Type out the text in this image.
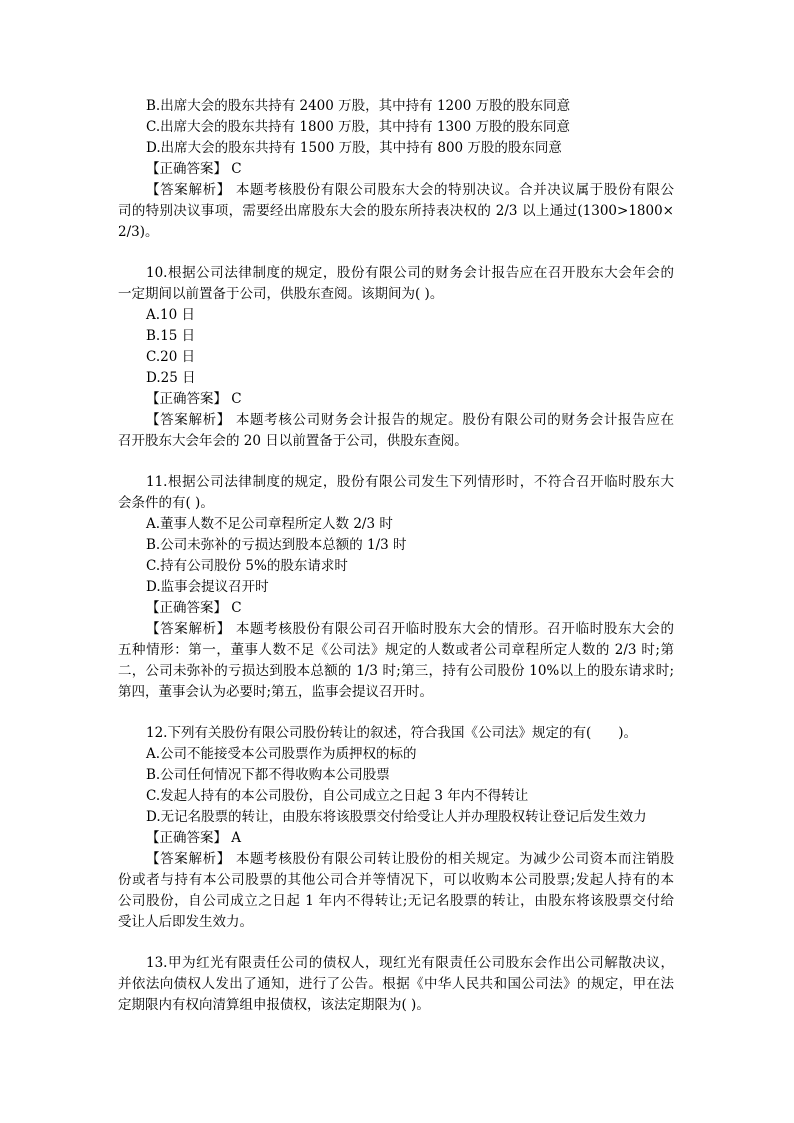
B.出席大会的股东共持有 2400 万股，其中持有 1200 万股的股东同意
C.出席大会的股东共持有 1800 万股，其中持有 1300 万股的股东同意
D.出席大会的股东共持有 1500 万股，其中持有 800 万股的股东同意
【正确答案】 C
【答案解析】 本题考核股份有限公司股东大会的特别决议。合并决议属于股份有限公
司的特别决议事项，需要经出席股东大会的股东所持表决权的 2/3 以上通过(1300>1800×
2/3)。
10.根据公司法律制度的规定，股份有限公司的财务会计报告应在召开股东大会年会的
一定期间以前置备于公司，供股东查阅。该期间为( )。
A.10 日
B.15 日
C.20 日
D.25 日
【正确答案】 C
【答案解析】 本题考核公司财务会计报告的规定。股份有限公司的财务会计报告应在
召开股东大会年会的 20 日以前置备于公司，供股东查阅。
11.根据公司法律制度的规定，股份有限公司发生下列情形时，不符合召开临时股东大
会条件的有( )。
A.董事人数不足公司章程所定人数 2/3 时
B.公司未弥补的亏损达到股本总额的 1/3 时
C.持有公司股份 5%的股东请求时
D.监事会提议召开时
【正确答案】 C
【答案解析】 本题考核股份有限公司召开临时股东大会的情形。召开临时股东大会的
五种情形：第一，董事人数不足《公司法》规定的人数或者公司章程所定人数的 2/3 时;第
二，公司未弥补的亏损达到股本总额的 1/3 时;第三，持有公司股份 10%以上的股东请求时;
第四，董事会认为必要时;第五，监事会提议召开时。
12.下列有关股份有限公司股份转让的叙述，符合我国《公司法》规定的有(　　)。
A.公司不能接受本公司股票作为质押权的标的
B.公司任何情况下都不得收购本公司股票
C.发起人持有的本公司股份，自公司成立之日起 3 年内不得转让
D.无记名股票的转让，由股东将该股票交付给受让人并办理股权转让登记后发生效力
【正确答案】 A
【答案解析】 本题考核股份有限公司转让股份的相关规定。为减少公司资本而注销股
份或者与持有本公司股票的其他公司合并等情况下，可以收购本公司股票;发起人持有的本
公司股份，自公司成立之日起 1 年内不得转让;无记名股票的转让，由股东将该股票交付给
受让人后即发生效力。
13.甲为红光有限责任公司的债权人，现红光有限责任公司股东会作出公司解散决议，
并依法向债权人发出了通知，进行了公告。根据《中华人民共和国公司法》的规定，甲在法
定期限内有权向清算组申报债权，该法定期限为( )。
